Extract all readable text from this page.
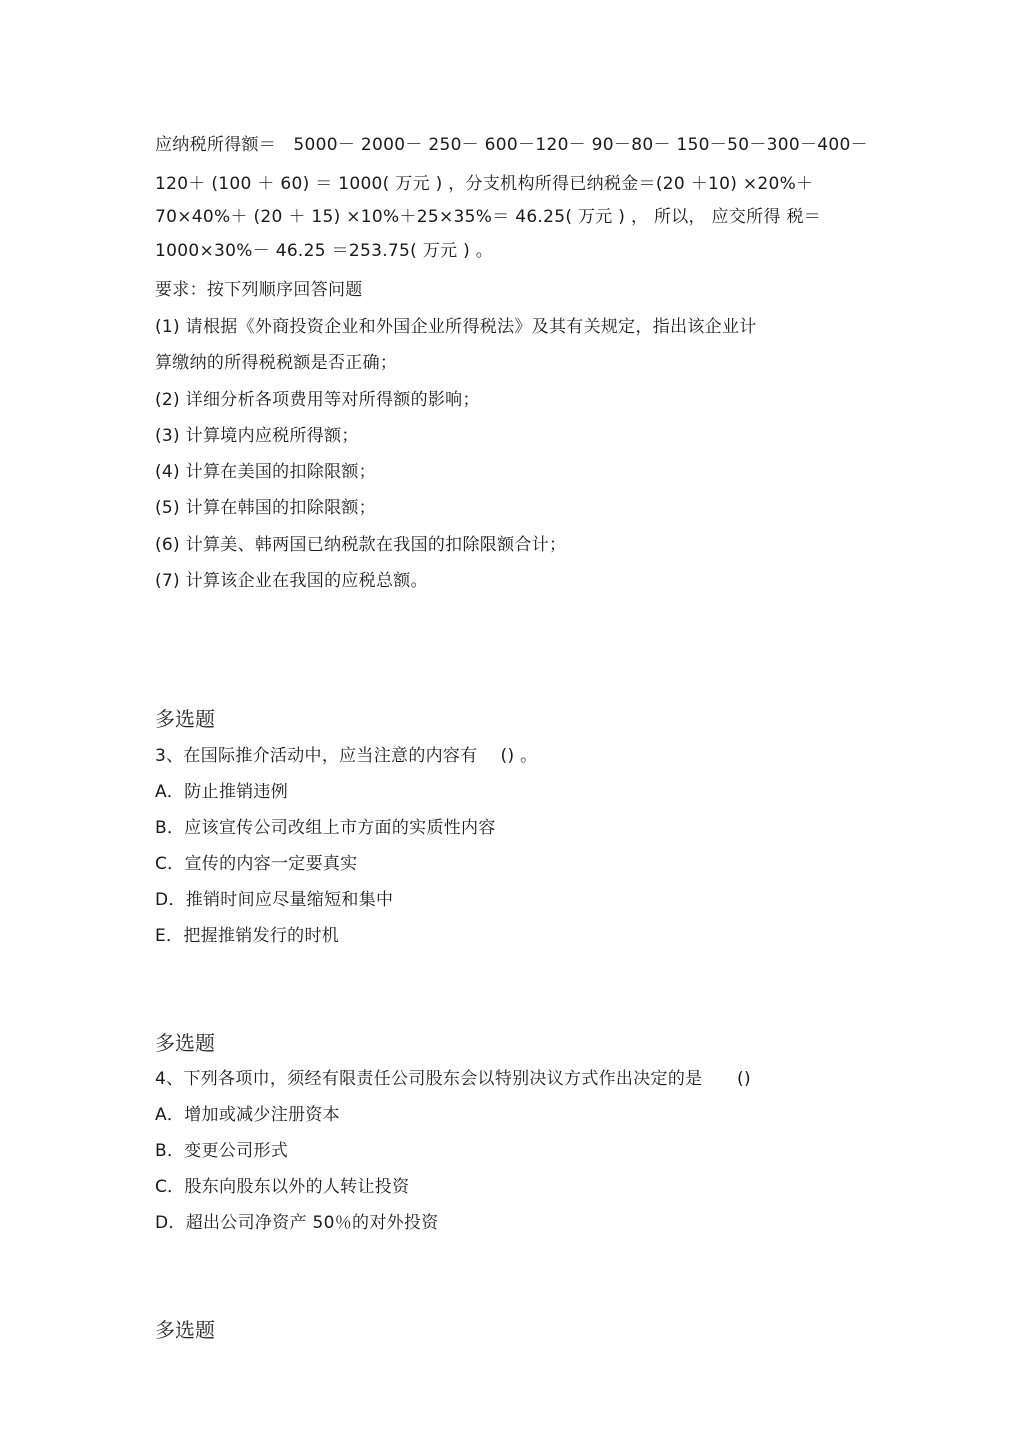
应纳税所得额＝　5000－ 2000－ 250－ 600－120－ 90－80－ 150－50－300－400－
120＋ (100 ＋ 60) ＝ 1000( 万元 ) ，分支机构所得已纳税金＝(20 ＋10) ×20%＋
70×40%＋ (20 ＋ 15) ×10%＋25×35%＝ 46.25( 万元 ) ， 所以， 应交所得 税＝
1000×30%－ 46.25 ＝253.75( 万元 ) 。
要求：按下列顺序回答问题
(1) 请根据《外商投资企业和外国企业所得税法》及其有关规定，指出该企业计
算缴纳的所得税税额是否正确；
(2) 详细分析各项费用等对所得额的影响；
(3) 计算境内应税所得额；
(4) 计算在美国的扣除限额；
(5) 计算在韩国的扣除限额；
(6) 计算美、韩两国已纳税款在我国的扣除限额合计；
(7) 计算该企业在我国的应税总额。
多选题
3、在国际推介活动中，应当注意的内容有　 () 。
A．防止推销违例
B．应该宣传公司改组上市方面的实质性内容
C．宣传的内容一定要真实
D．推销时间应尽量缩短和集中
E．把握推销发行的时机
多选题
4、下列各项巾，须经有限责任公司股东会以特别决议方式作出决定的是　　()
A．增加或减少注册资本
B．变更公司形式
C．股东向股东以外的人转让投资
D．超出公司净资产 50％的对外投资
多选题
